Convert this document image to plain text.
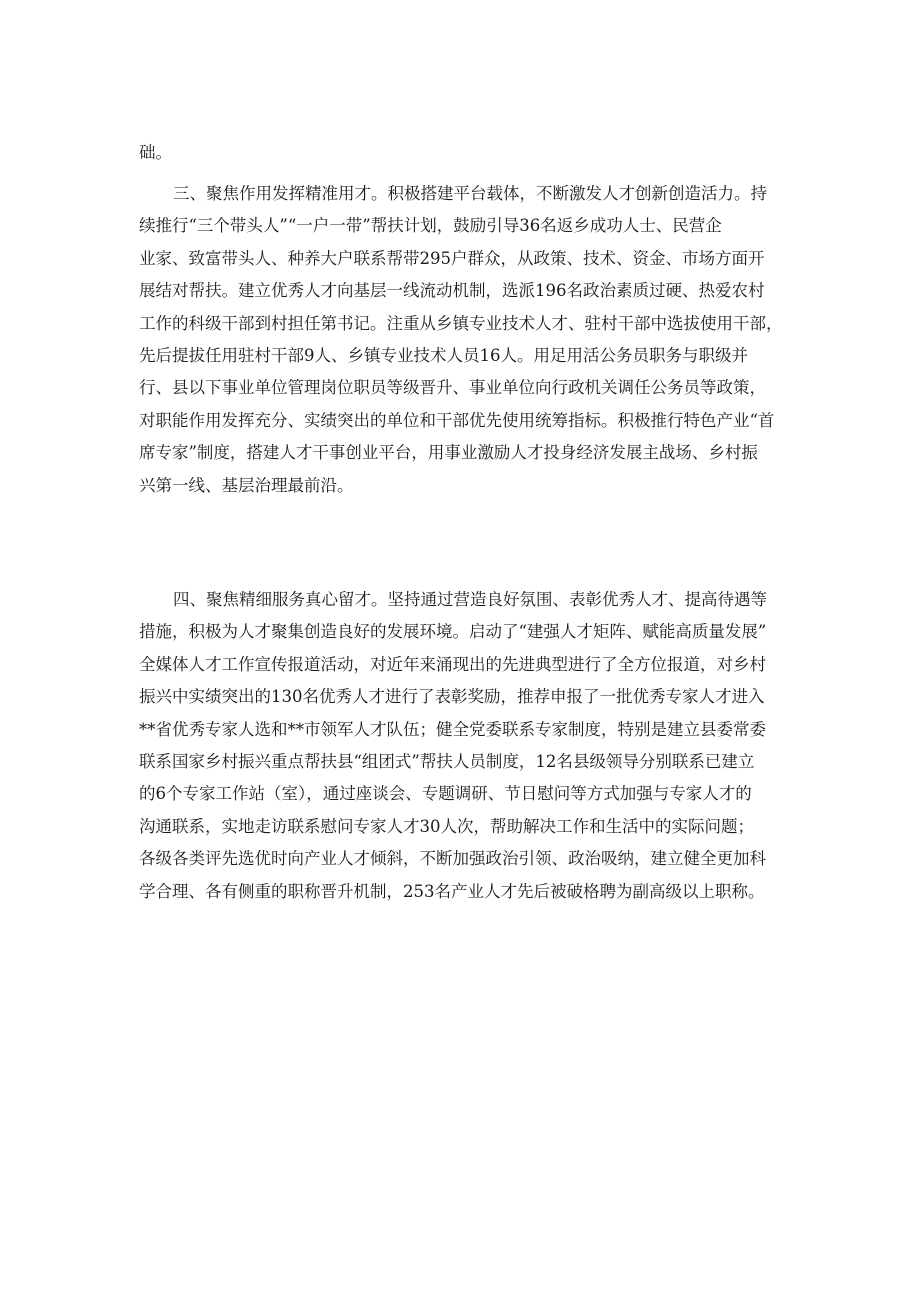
础。
三、聚焦作用发挥精准用才。积极搭建平台载体，不断激发人才创新创造活力。持
续推行“三个带头人”“一户一带”帮扶计划，鼓励引导36名返乡成功人士、民营企
业家、致富带头人、种养大户联系帮带295户群众，从政策、技术、资金、市场方面开
展结对帮扶。建立优秀人才向基层一线流动机制，选派196名政治素质过硬、热爱农村
工作的科级干部到村担任第书记。注重从乡镇专业技术人才、驻村干部中选拔使用干部，
先后提拔任用驻村干部9人、乡镇专业技术人员16人。用足用活公务员职务与职级并
行、县以下事业单位管理岗位职员等级晋升、事业单位向行政机关调任公务员等政策，
对职能作用发挥充分、实绩突出的单位和干部优先使用统筹指标。积极推行特色产业“首
席专家”制度，搭建人才干事创业平台，用事业激励人才投身经济发展主战场、乡村振
兴第一线、基层治理最前沿。
四、聚焦精细服务真心留才。坚持通过营造良好氛围、表彰优秀人才、提高待遇等
措施，积极为人才聚集创造良好的发展环境。启动了“建强人才矩阵、赋能高质量发展”
全媒体人才工作宣传报道活动，对近年来涌现出的先进典型进行了全方位报道，对乡村
振兴中实绩突出的130名优秀人才进行了表彰奖励，推荐申报了一批优秀专家人才进入
**省优秀专家人选和**市领军人才队伍；健全党委联系专家制度，特别是建立县委常委
联系国家乡村振兴重点帮扶县“组团式”帮扶人员制度，12名县级领导分别联系已建立
的6个专家工作站（室），通过座谈会、专题调研、节日慰问等方式加强与专家人才的
沟通联系，实地走访联系慰问专家人才30人次，帮助解决工作和生活中的实际问题；
各级各类评先选优时向产业人才倾斜，不断加强政治引领、政治吸纳，建立健全更加科
学合理、各有侧重的职称晋升机制，253名产业人才先后被破格聘为副高级以上职称。
